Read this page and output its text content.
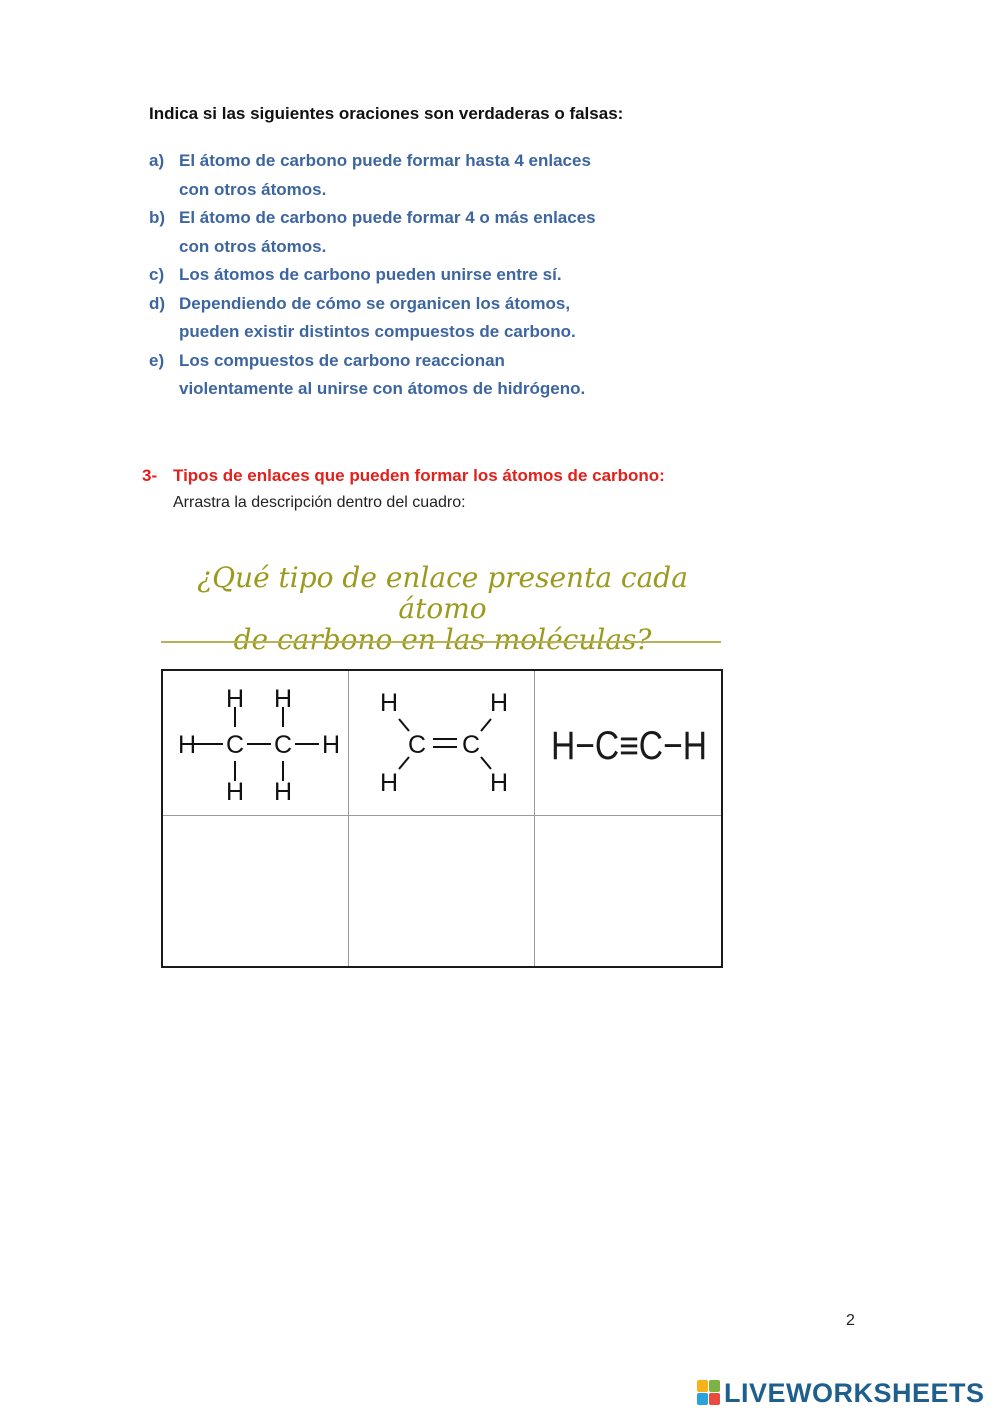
Indica si las siguientes oraciones son verdaderas o falsas:
a) El átomo de carbono puede formar hasta 4 enlaces
con otros átomos.
b) El átomo de carbono puede formar 4 o más enlaces
con otros átomos.
c) Los átomos de carbono pueden unirse entre sí.
d) Dependiendo de cómo se organicen los átomos,
pueden existir distintos compuestos de carbono.
e) Los compuestos de carbono reaccionan
violentamente al unirse con átomos de hidrógeno.
3- Tipos de enlaces que pueden formar los átomos de carbono:
Arrastra la descripción dentro del cuadro:
¿Qué tipo de enlace presenta cada átomo
de carbono en las moléculas?
H H
H C C H
H H
H	H
C C
H	H
H−C≡C−H
2
LIVEWORKSHEETS
